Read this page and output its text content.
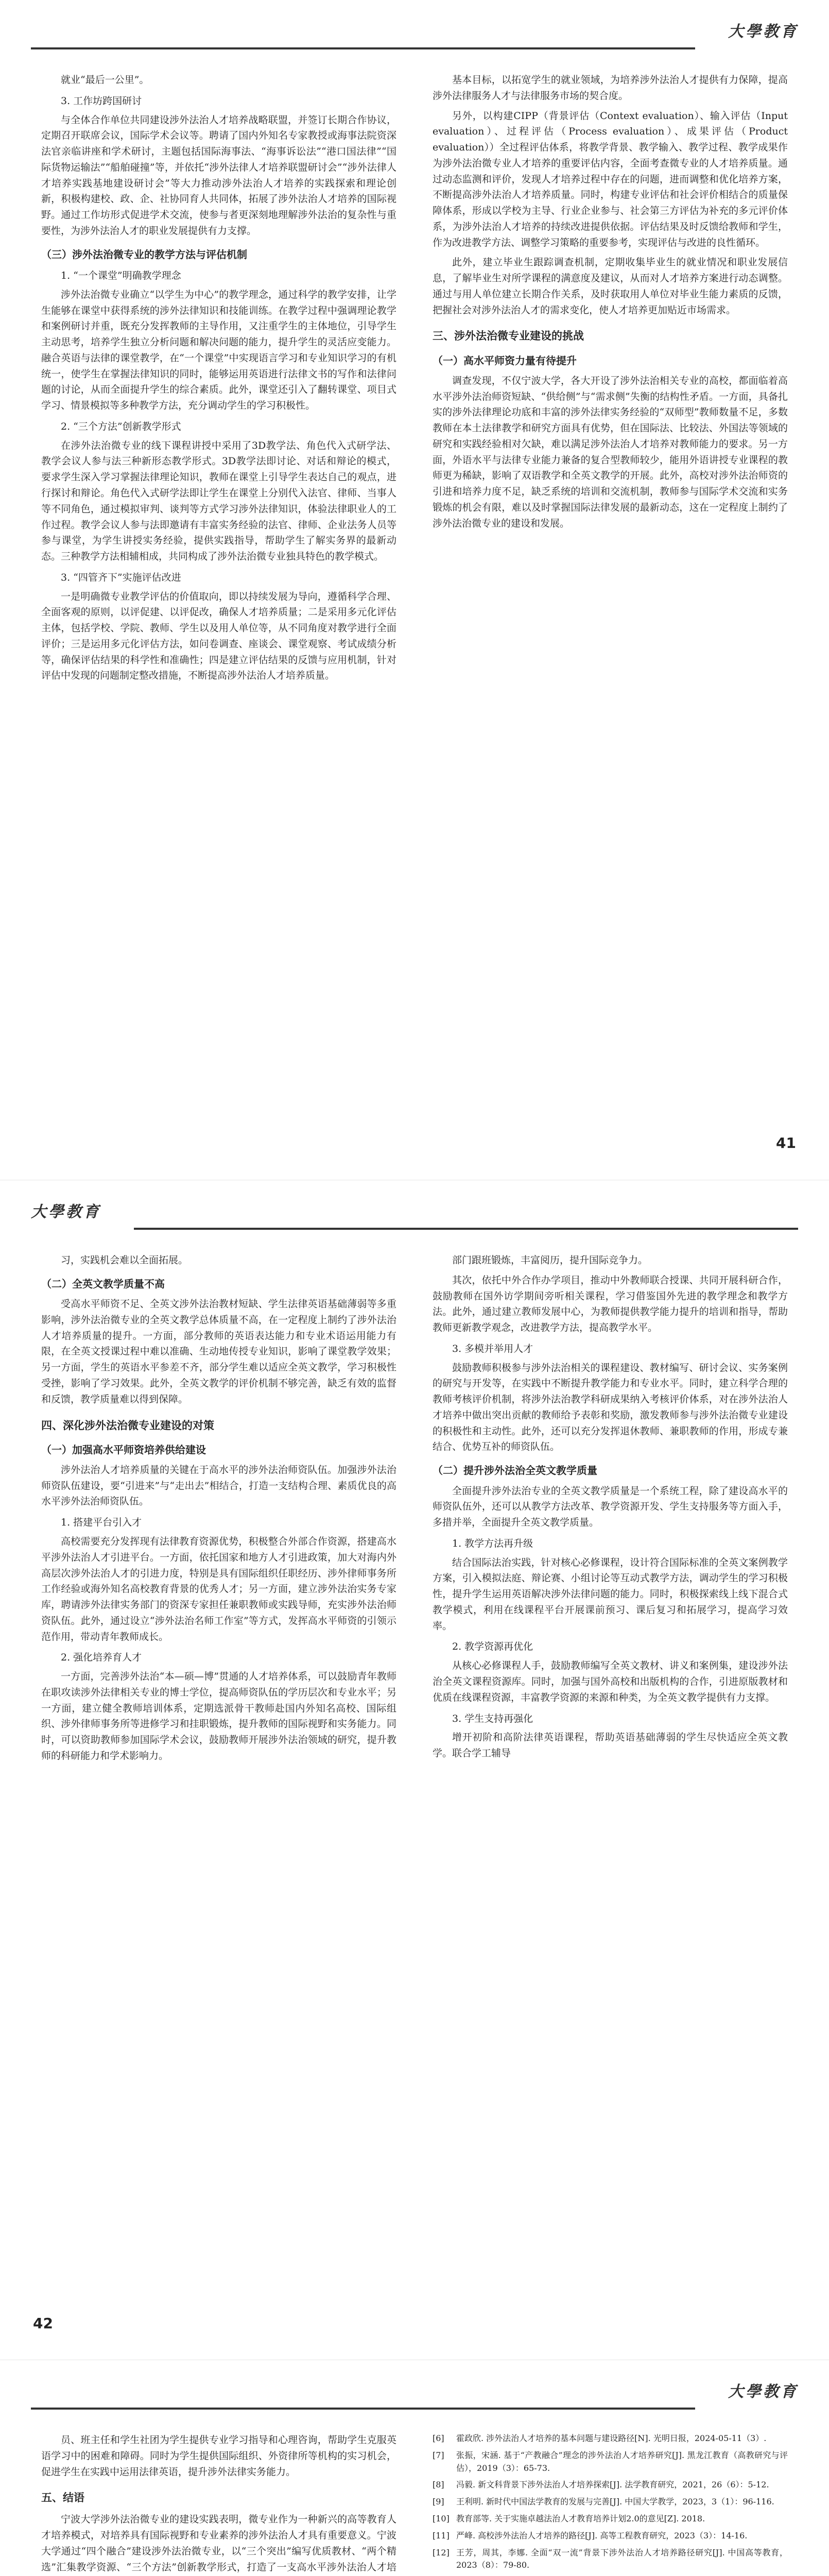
大學教育

就业“最后一公里”。

3. 工作坊跨国研讨

与全体合作单位共同建设涉外法治人才培养战略联盟，并签订长期合作协议，定期召开联席会议，国际学术会议等。聘请了国内外知名专家教授或海事法院资深法官亲临讲座和学术研讨，主题包括国际海事法、“海事诉讼法”“港口国法律”“国际货物运输法”“船舶碰撞”等，并依托“涉外法律人才培养联盟研讨会”“涉外法律人才培养实践基地建设研讨会”等大力推动涉外法治人才培养的实践探索和理论创新，积极构建校、政、企、社协同育人共同体，拓展了涉外法治人才培养的国际视野。通过工作坊形式促进学术交流，使参与者更深刻地理解涉外法治的复杂性与重要性，为涉外法治人才的职业发展提供有力支撑。

（三）涉外法治微专业的教学方法与评估机制
1. “一个课堂”明确教学理念

涉外法治微专业确立“以学生为中心”的教学理念，通过科学的教学安排，让学生能够在课堂中获得系统的涉外法律知识和技能训练。在教学过程中强调理论教学和案例研讨并重，既充分发挥教师的主导作用，又注重学生的主体地位，引导学生主动思考，培养学生独立分析问题和解决问题的能力，提升学生的灵活应变能力。融合英语与法律的课堂教学，在“一个课堂”中实现语言学习和专业知识学习的有机统一，使学生在掌握法律知识的同时，能够运用英语进行法律文书的写作和法律问题的讨论，从而全面提升学生的综合素质。此外，课堂还引入了翻转课堂、项目式学习、情景模拟等多种教学方法，充分调动学生的学习积极性。

2. “三个方法”创新教学形式

在涉外法治微专业的线下课程讲授中采用了3D教学法、角色代入式研学法、教学会议人参与法三种新形态教学形式。3D教学法即讨论、对话和辩论的模式，要求学生深入学习掌握法律理论知识，教师在课堂上引导学生表达自己的观点，进行探讨和辩论。角色代入式研学法即让学生在课堂上分别代入法官、律师、当事人等不同角色，通过模拟审判、谈判等方式学习涉外法律知识，体验法律职业人的工作过程。教学会议人参与法即邀请有丰富实务经验的法官、律师、企业法务人员等参与课堂，为学生讲授实务经验，提供实践指导，帮助学生了解实务界的最新动态。三种教学方法相辅相成，共同构成了涉外法治微专业独具特色的教学模式。

3. “四管齐下”实施评估改进

一是明确微专业教学评估的价值取向，即以持续发展为导向，遵循科学合理、全面客观的原则，以评促建、以评促改，确保人才培养质量；二是采用多元化评估主体，包括学校、学院、教师、学生以及用人单位等，从不同角度对教学进行全面评价；三是运用多元化评估方法，如问卷调查、座谈会、课堂观察、考试成绩分析等，确保评估结果的科学性和准确性；四是建立评估结果的反馈与应用机制，针对评估中发现的问题制定整改措施，不断提高涉外法治人才培养质量。

基本目标，以拓宽学生的就业领域，为培养涉外法治人才提供有力保障，提高涉外法律服务人才与法律服务市场的契合度。

另外，以构建CIPP（背景评估（Context evaluation）、输入评估（Input evaluation）、过程评估（Process evaluation）、成果评估（Product evaluation））全过程评估体系，将教学背景、教学输入、教学过程、教学成果作为涉外法治微专业人才培养的重要评估内容，全面考查微专业的人才培养质量。通过动态监测和评价，发现人才培养过程中存在的问题，进而调整和优化培养方案，不断提高涉外法治人才培养质量。同时，构建专业评估和社会评价相结合的质量保障体系，形成以学校为主导、行业企业参与、社会第三方评估为补充的多元评价体系，为涉外法治人才培养的持续改进提供依据。评估结果及时反馈给教师和学生，作为改进教学方法、调整学习策略的重要参考，实现评估与改进的良性循环。

此外，建立毕业生跟踪调查机制，定期收集毕业生的就业情况和职业发展信息，了解毕业生对所学课程的满意度及建议，从而对人才培养方案进行动态调整。通过与用人单位建立长期合作关系，及时获取用人单位对毕业生能力素质的反馈，把握社会对涉外法治人才的需求变化，使人才培养更加贴近市场需求。

三、涉外法治微专业建设的挑战
（一）高水平师资力量有待提升

调查发现，不仅宁波大学，各大开设了涉外法治相关专业的高校，都面临着高水平涉外法治师资短缺、“供给侧”与“需求侧”失衡的结构性矛盾。一方面，具备扎实的涉外法律理论功底和丰富的涉外法律实务经验的“双师型”教师数量不足，多数教师在本土法律教学和研究方面具有优势，但在国际法、比较法、外国法等领域的研究和实践经验相对欠缺，难以满足涉外法治人才培养对教师能力的要求。另一方面，外语水平与法律专业能力兼备的复合型教师较少，能用外语讲授专业课程的教师更为稀缺，影响了双语教学和全英文教学的开展。此外，高校对涉外法治师资的引进和培养力度不足，缺乏系统的培训和交流机制，教师参与国际学术交流和实务锻炼的机会有限，难以及时掌握国际法律发展的最新动态，这在一定程度上制约了涉外法治微专业的建设和发展。

41
大學教育

习，实践机会难以全面拓展。

（二）全英文教学质量不高

受高水平师资不足、全英文涉外法治教材短缺、学生法律英语基础薄弱等多重影响，涉外法治微专业的全英文教学总体质量不高，在一定程度上制约了涉外法治人才培养质量的提升。一方面，部分教师的英语表达能力和专业术语运用能力有限，在全英文授课过程中难以准确、生动地传授专业知识，影响了课堂教学效果；另一方面，学生的英语水平参差不齐，部分学生难以适应全英文教学，学习积极性受挫，影响了学习效果。此外，全英文教学的评价机制不够完善，缺乏有效的监督和反馈，教学质量难以得到保障。

四、深化涉外法治微专业建设的对策
（一）加强高水平师资培养供给建设

涉外法治人才培养质量的关键在于高水平的涉外法治师资队伍。加强涉外法治师资队伍建设，要“引进来”与“走出去”相结合，打造一支结构合理、素质优良的高水平涉外法治师资队伍。

1. 搭建平台引入才

高校需要充分发挥现有法律教育资源优势，积极整合外部合作资源，搭建高水平涉外法治人才引进平台。一方面，依托国家和地方人才引进政策，加大对海内外高层次涉外法治人才的引进力度，特别是具有国际组织任职经历、涉外律师事务所工作经验或海外知名高校教育背景的优秀人才；另一方面，建立涉外法治实务专家库，聘请涉外法律实务部门的资深专家担任兼职教师或实践导师，充实涉外法治师资队伍。此外，通过设立“涉外法治名师工作室”等方式，发挥高水平师资的引领示范作用，带动青年教师成长。

2. 强化培养育人才

一方面，完善涉外法治“本—硕—博”贯通的人才培养体系，可以鼓励青年教师在职攻读涉外法律相关专业的博士学位，提高师资队伍的学历层次和专业水平；另一方面，建立健全教师培训体系，定期选派骨干教师赴国内外知名高校、国际组织、涉外律师事务所等进修学习和挂职锻炼，提升教师的国际视野和实务能力。同时，可以资助教师参加国际学术会议，鼓励教师开展涉外法治领域的研究，提升教师的科研能力和学术影响力。

部门跟班锻炼，丰富阅历，提升国际竞争力。

其次，依托中外合作办学项目，推动中外教师联合授课、共同开展科研合作，鼓励教师在国外访学期间旁听相关课程，学习借鉴国外先进的教学理念和教学方法。此外，通过建立教师发展中心，为教师提供教学能力提升的培训和指导，帮助教师更新教学观念，改进教学方法，提高教学水平。

3. 多模并举用人才

鼓励教师积极参与涉外法治相关的课程建设、教材编写、研讨会议、实务案例的研究与开发等，在实践中不断提升教学能力和专业水平。同时，建立科学合理的教师考核评价机制，将涉外法治教学科研成果纳入考核评价体系，对在涉外法治人才培养中做出突出贡献的教师给予表彰和奖励，激发教师参与涉外法治微专业建设的积极性和主动性。此外，还可以充分发挥退休教师、兼职教师的作用，形成专兼结合、优势互补的师资队伍。

（二）提升涉外法治全英文教学质量

全面提升涉外法治专业的全英文教学质量是一个系统工程，除了建设高水平的师资队伍外，还可以从教学方法改革、教学资源开发、学生支持服务等方面入手，多措并举，全面提升全英文教学质量。

1. 教学方法再升级

结合国际法治实践，针对核心必修课程，设计符合国际标准的全英文案例教学方案，引入模拟法庭、辩论赛、小组讨论等互动式教学方法，调动学生的学习积极性，提升学生运用英语解决涉外法律问题的能力。同时，积极探索线上线下混合式教学模式，利用在线课程平台开展课前预习、课后复习和拓展学习，提高学习效率。

2. 教学资源再优化

从核心必修课程人手，鼓励教师编写全英文教材、讲义和案例集，建设涉外法治全英文课程资源库。同时，加强与国外高校和出版机构的合作，引进原版教材和优质在线课程资源，丰富教学资源的来源和种类，为全英文教学提供有力支撑。

3. 学生支持再强化

增开初阶和高阶法律英语课程，帮助英语基础薄弱的学生尽快适应全英文教学。联合学工辅导

42
大學教育

员、班主任和学生社团为学生提供专业学习指导和心理咨询，帮助学生克服英语学习中的困难和障碍。同时为学生提供国际组织、外资律所等机构的实习机会，促进学生在实践中运用法律英语，提升涉外法律实务能力。

五、结语

宁波大学涉外法治微专业的建设实践表明，微专业作为一种新兴的高等教育人才培养模式，对培养具有国际视野和专业素养的涉外法治人才具有重要意义。宁波大学通过“四个融合”建设涉外法治微专业，以“三个突出”编写优质教材、“两个精选”汇集教学资源、“三个方法”创新教学形式，打造了一支高水平涉外法治人才培

[6]	霍政欣. 涉外法治人才培养的基本问题与建设路径[N]. 光明日报，2024-05-11（3）.
[7]	张振，宋涵. 基于“产教融合”理念的涉外法治人才培养研究[J]. 黑龙江教育（高教研究与评估），2019（3）：65-73.
[8]	冯毅. 新文科背景下涉外法治人才培养探索[J]. 法学教育研究，2021，26（6）：5-12.
[9]	王利明. 新时代中国法学教育的发展与完善[J]. 中国大学教学，2023，3（1）：96-116.
[10] 教育部等. 关于实施卓越法治人才教育培养计划2.0的意见[Z]. 2018.
[11] 严峰. 高校涉外法治人才培养的路径[J]. 高等工程教育研究，2023（3）：14-16.
[12] 王芳，周其，李娜. 全面“双一流”背景下涉外法治人才培养路径研究[J]. 中国高等教育，2023（8）：79-80.
